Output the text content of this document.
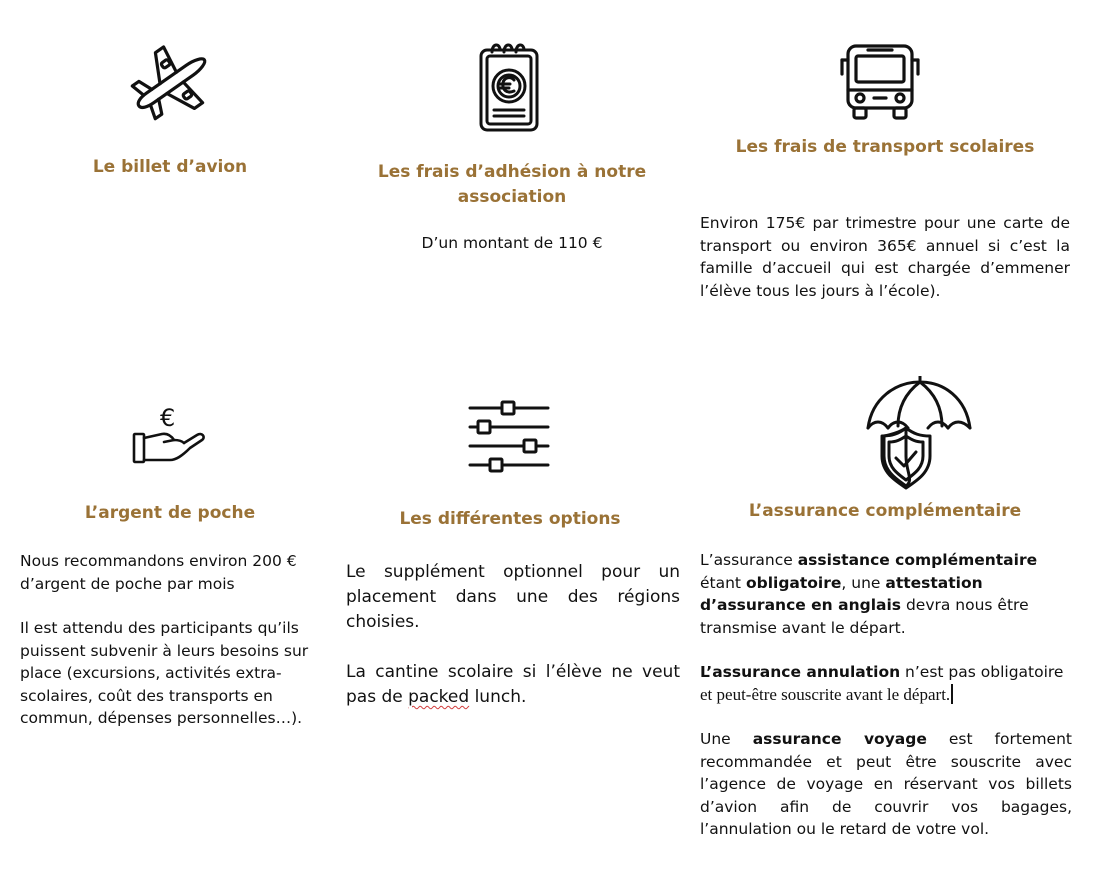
Le billet d’avion	Les frais d’adhésion à notre
association
D’un montant de 110 €
Les frais de transport scolaires
Environ 175€ par trimestre pour une carte de transport ou environ 365€ annuel si c’est la famille d’accueil qui est chargée d’emmener l’élève tous les jours à l’école).
€
L’argent de poche

Nous recommandons environ 200 € d’argent de poche par mois

Il est attendu des participants qu’ils puissent subvenir à leurs besoins sur place (excursions, activités extra-scolaires, coût des transports en commun, dépenses personnelles…).

Les différentes options

Le supplément optionnel pour un placement dans une des régions choisies.

La cantine scolaire si l’élève ne veut pas de packed lunch.

L’assurance complémentaire

L’assurance assistance complémentaire étant obligatoire, une attestation d’assurance en anglais devra nous être transmise avant le départ.

L’assurance annulation n’est pas obligatoire
et peut-être souscrite avant le départ.

Une assurance voyage est fortement recommandée et peut être souscrite avec l’agence de voyage en réservant vos billets d’avion afin de couvrir vos bagages, l’annulation ou le retard de votre vol.
